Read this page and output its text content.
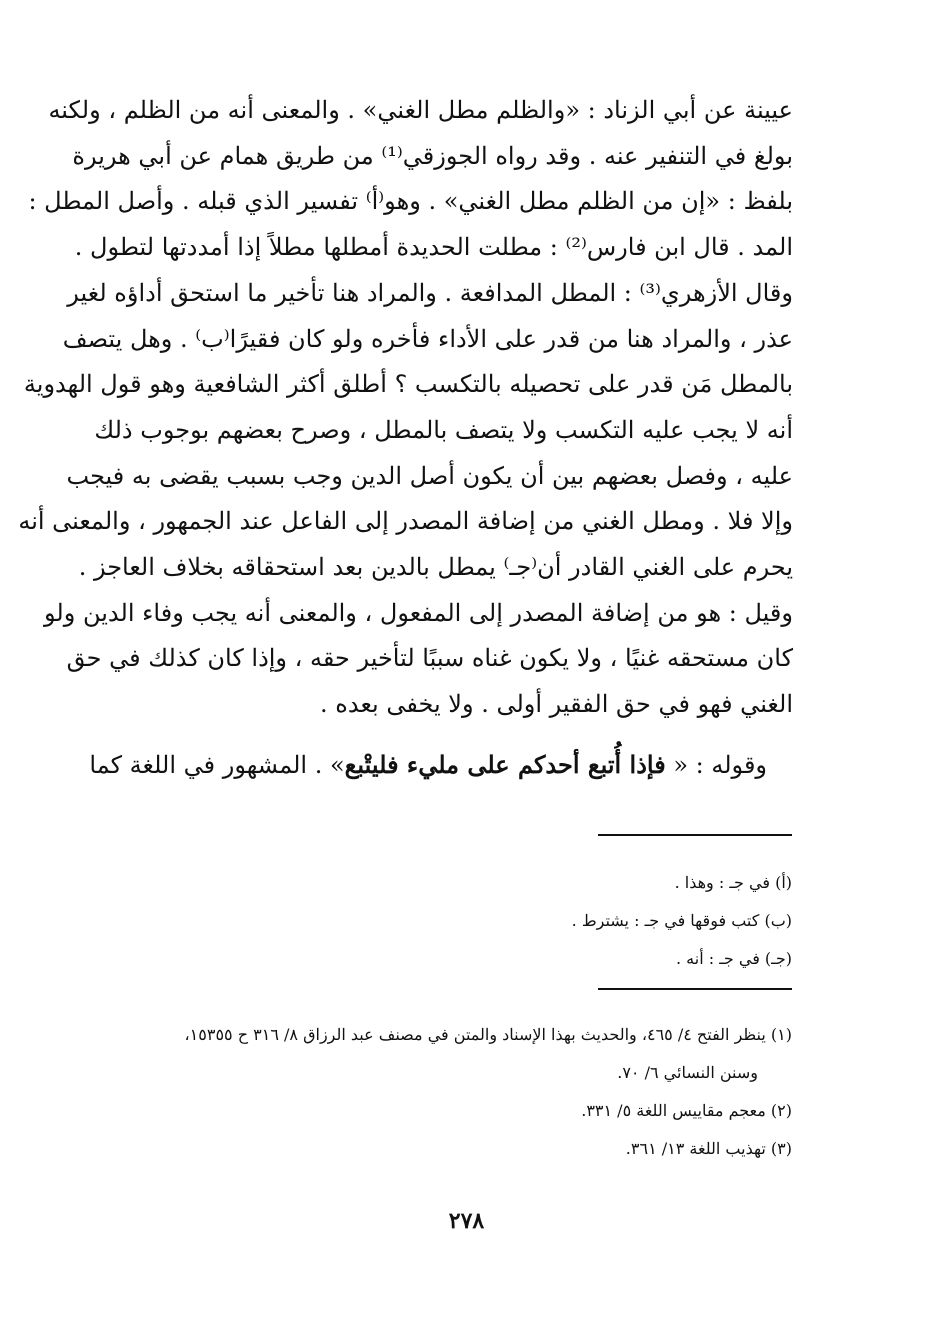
عيينة عن أبي الزناد : «والظلم مطل الغني» . والمعنى أنه من الظلم ، ولكنه
بولغ في التنفير عنه . وقد رواه الجوزقي⁽¹⁾ من طريق همام عن أبي هريرة
بلفظ : «إن من الظلم مطل الغني» . وهو⁽أ⁾ تفسير الذي قبله . وأصل المطل :
المد . قال ابن فارس⁽²⁾ : مطلت الحديدة أمطلها مطلاً إذا أمددتها لتطول .
وقال الأزهري⁽³⁾ : المطل المدافعة . والمراد هنا تأخير ما استحق أداؤه لغير
عذر ، والمراد هنا من قدر على الأداء فأخره ولو كان فقيرًا⁽ب⁾ . وهل يتصف
بالمطل مَن قدر على تحصيله بالتكسب ؟ أطلق أكثر الشافعية وهو قول الهدوية
أنه لا يجب عليه التكسب ولا يتصف بالمطل ، وصرح بعضهم بوجوب ذلك
عليه ، وفصل بعضهم بين أن يكون أصل الدين وجب بسبب يقضى به فيجب
وإلا فلا . ومطل الغني من إضافة المصدر إلى الفاعل عند الجمهور ، والمعنى أنه
يحرم على الغني القادر أن⁽جـ⁾ يمطل بالدين بعد استحقاقه بخلاف العاجز .
وقيل : هو من إضافة المصدر إلى المفعول ، والمعنى أنه يجب وفاء الدين ولو
كان مستحقه غنيًا ، ولا يكون غناه سببًا لتأخير حقه ، وإذا كان كذلك في حق
الغني فهو في حق الفقير أولى . ولا يخفى بعده .

وقوله : « فإذا أُتبع أحدكم على مليء فليتْبع» . المشهور في اللغة كما

(أ) في جـ : وهذا .
(ب) كتب فوقها في جـ : يشترط .
(جـ) في جـ : أنه .
(١) ينظر الفتح ٤/ ٤٦٥، والحديث بهذا الإسناد والمتن في مصنف عبد الرزاق ٨/ ٣١٦ ح ١٥٣٥٥،
وسنن النسائي ٦/ ٧٠.
(٢) معجم مقاييس اللغة ٥/ ٣٣١.
(٣) تهذيب اللغة ١٣/ ٣٦١.
٢٧٨
